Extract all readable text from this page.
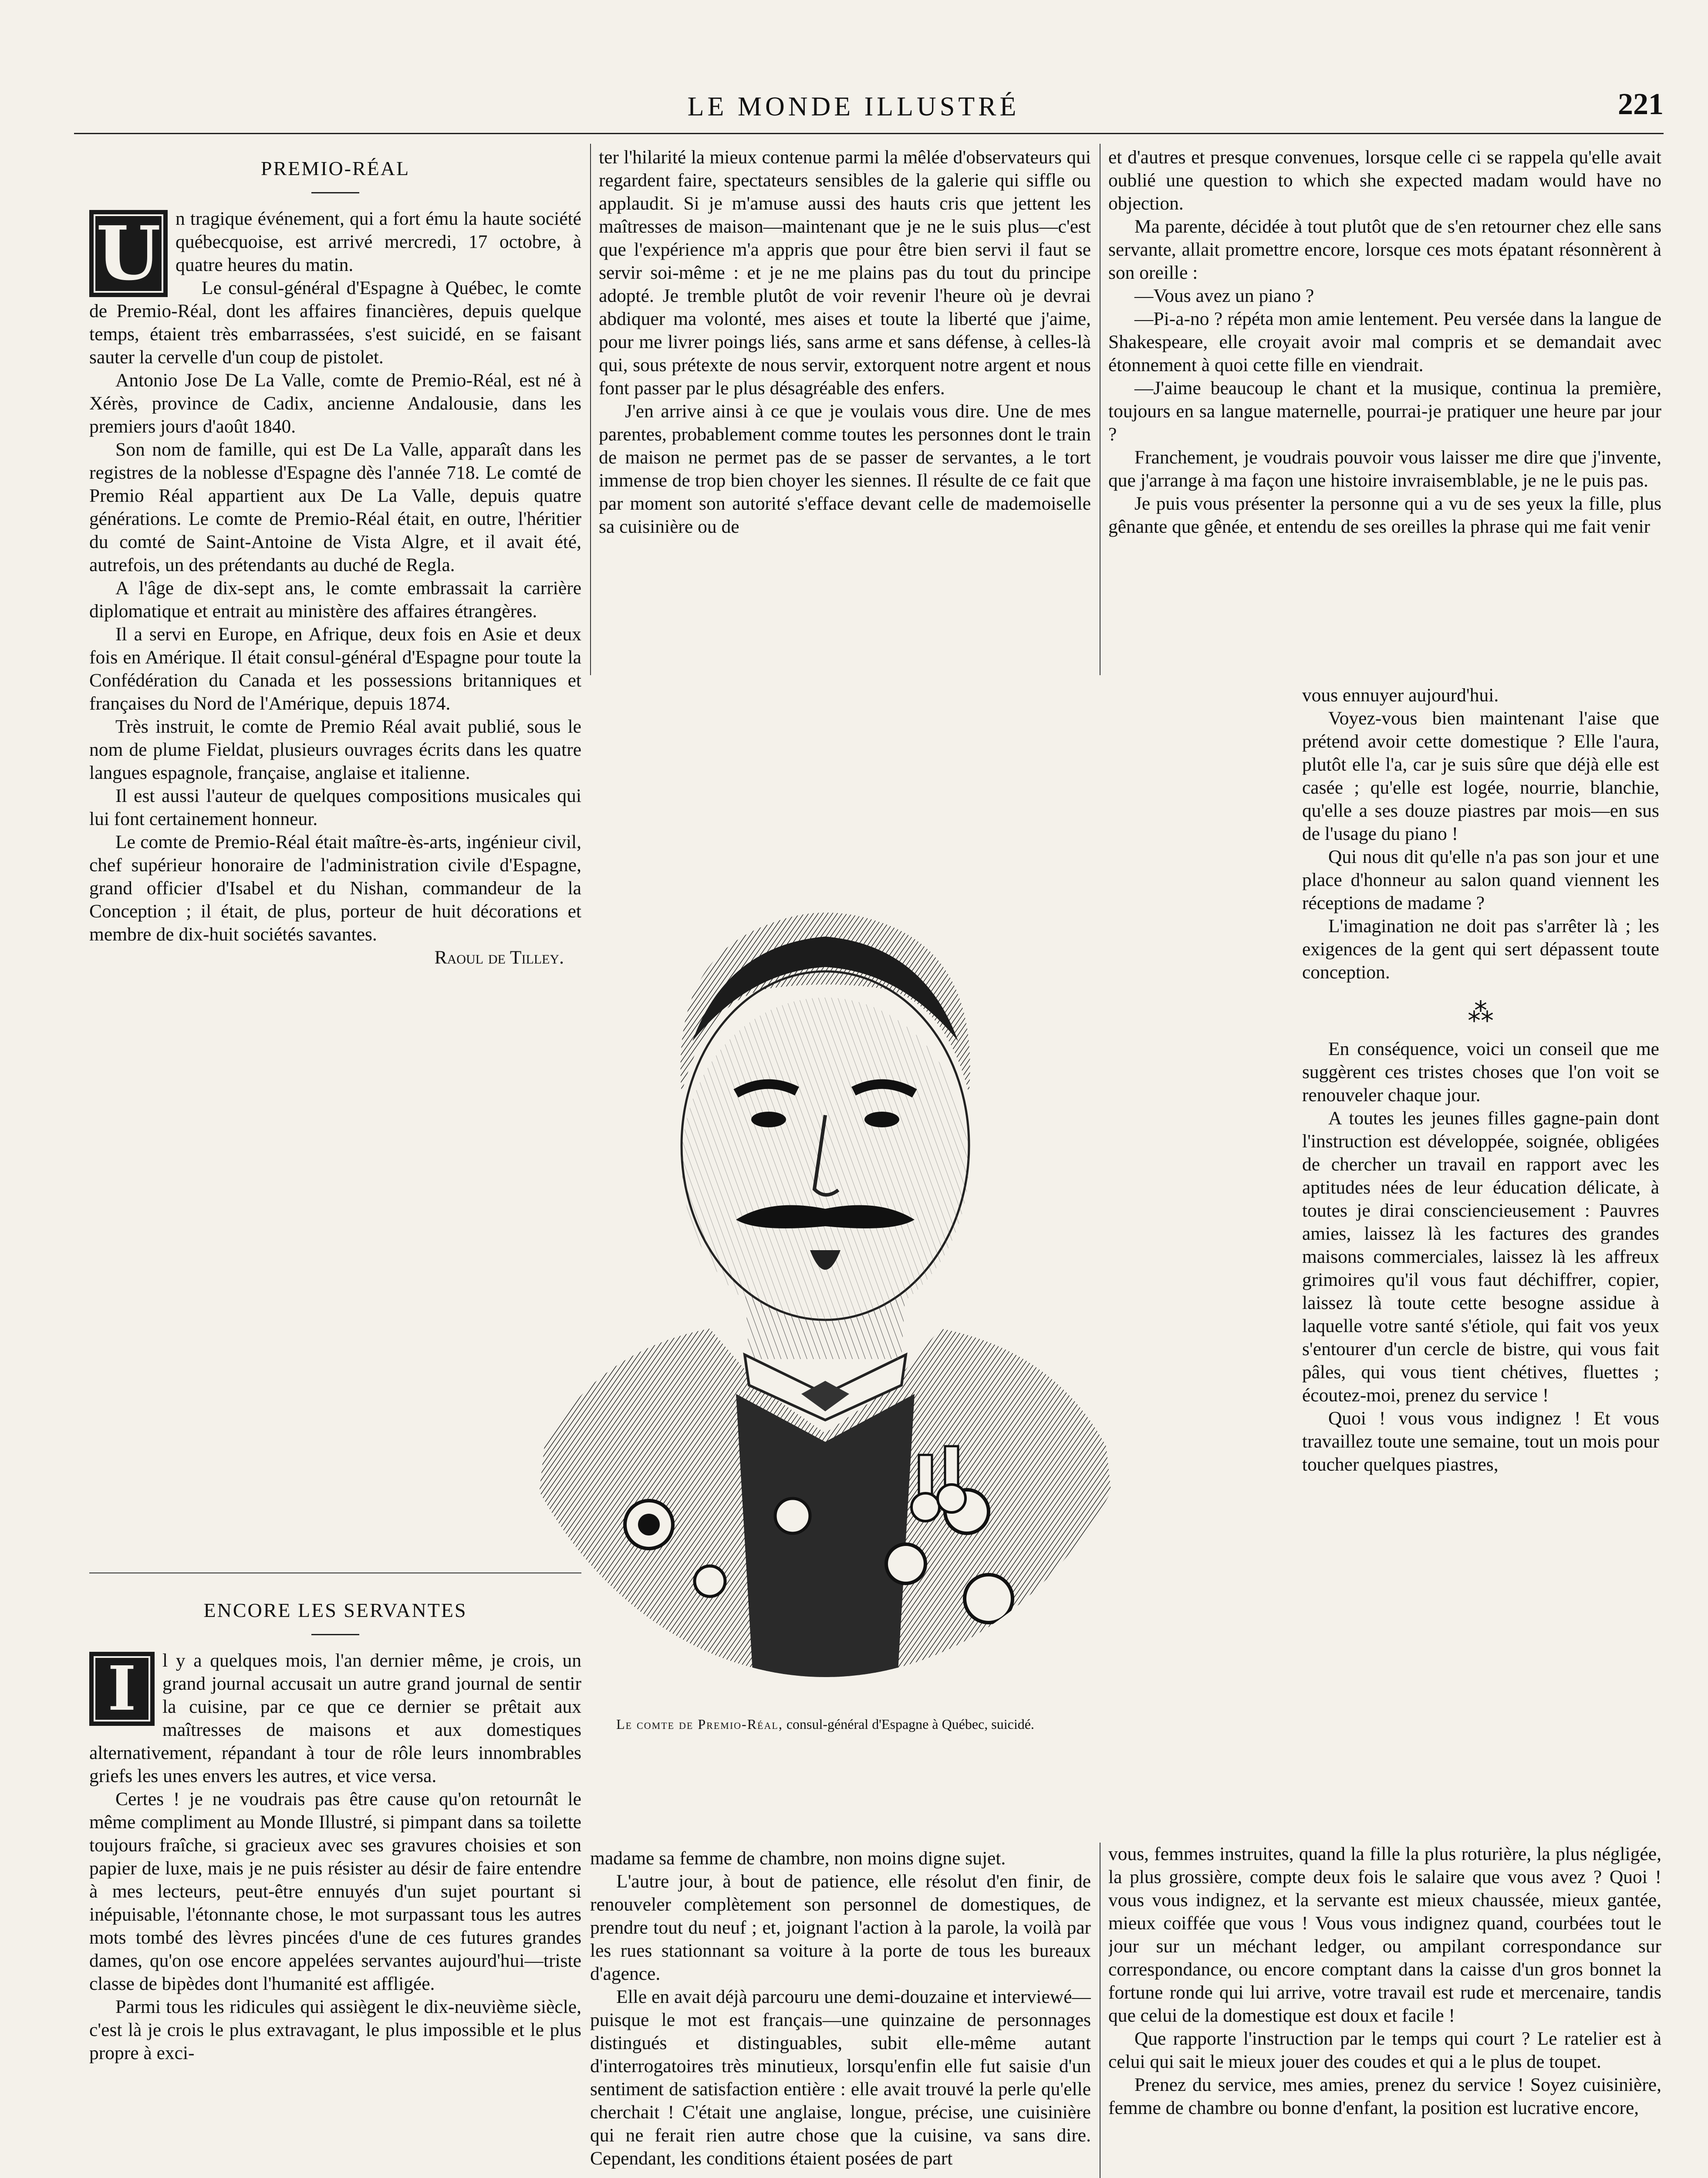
LE MONDE ILLUSTRÉ	221
PREMIO-RÉAL
U n tragique événement, qui a fort ému la haute société québecquoise, est arrivé mercredi, 17 octobre, à quatre heures du matin.

Le consul-général d'Espagne à Québec, le comte de Premio-Réal, dont les affaires financières, depuis quelque temps, étaient très embarrassées, s'est suicidé, en se faisant sauter la cervelle d'un coup de pistolet.

Antonio Jose De La Valle, comte de Premio-Réal, est né à Xérès, province de Cadix, ancienne Andalousie, dans les premiers jours d'août 1840.

Son nom de famille, qui est De La Valle, apparaît dans les registres de la noblesse d'Espagne dès l'année 718. Le comté de Premio Réal appartient aux De La Valle, depuis quatre générations. Le comte de Premio-Réal était, en outre, l'héritier du comté de Saint-Antoine de Vista Algre, et il avait été, autrefois, un des prétendants au duché de Regla.

A l'âge de dix-sept ans, le comte embrassait la carrière diplomatique et entrait au ministère des affaires étrangères.

Il a servi en Europe, en Afrique, deux fois en Asie et deux fois en Amérique. Il était consul-général d'Espagne pour toute la Confédération du Canada et les possessions britanniques et françaises du Nord de l'Amérique, depuis 1874.

Très instruit, le comte de Premio Réal avait publié, sous le nom de plume Fieldat, plusieurs ouvrages écrits dans les quatre langues espagnole, française, anglaise et italienne.

Il est aussi l'auteur de quelques compositions musicales qui lui font certainement honneur.

Le comte de Premio-Réal était maître-ès-arts, ingénieur civil, chef supérieur honoraire de l'administration civile d'Espagne, grand officier d'Isabel et du Nishan, commandeur de la Conception ; il était, de plus, porteur de huit décorations et membre de dix-huit sociétés savantes.

Raoul de Tilley.
ENCORE LES SERVANTES
I	l y a quelques mois, l'an dernier même, je crois, un grand journal accusait un autre grand journal de sentir la cuisine, par ce que ce dernier se prêtait aux maîtresses de maisons et aux domestiques alternativement, répandant à tour de rôle leurs innombrables griefs les unes envers les autres, et vice versa.

Certes ! je ne voudrais pas être cause qu'on retournât le même compliment au Monde Illustré, si pimpant dans sa toilette toujours fraîche, si gracieux avec ses gravures choisies et son papier de luxe, mais je ne puis résister au désir de faire entendre à mes lecteurs, peut-être ennuyés d'un sujet pourtant si inépuisable, l'étonnante chose, le mot surpassant tous les autres mots tombé des lèvres pincées d'une de ces futures grandes dames, qu'on ose encore appelées servantes aujourd'hui—triste classe de bipèdes dont l'humanité est affligée.

Parmi tous les ridicules qui assiègent le dix-neuvième siècle, c'est là je crois le plus extravagant, le plus impossible et le plus propre à exci-

ter l'hilarité la mieux contenue parmi la mêlée d'observateurs qui regardent faire, spectateurs sensibles de la galerie qui siffle ou applaudit. Si je m'amuse aussi des hauts cris que jettent les maîtresses de maison—maintenant que je ne le suis plus—c'est que l'expérience m'a appris que pour être bien servi il faut se servir soi-même : et je ne me plains pas du tout du principe adopté. Je tremble plutôt de voir revenir l'heure où je devrai abdiquer ma volonté, mes aises et toute la liberté que j'aime, pour me livrer poings liés, sans arme et sans défense, à celles-là qui, sous prétexte de nous servir, extorquent notre argent et nous font passer par le plus désagréable des enfers.

J'en arrive ainsi à ce que je voulais vous dire. Une de mes parentes, probablement comme toutes les personnes dont le train de maison ne permet pas de se passer de servantes, a le tort immense de trop bien choyer les siennes. Il résulte de ce fait que par moment son autorité s'efface devant celle de mademoiselle sa cuisinière ou de

et d'autres et presque convenues, lorsque celle ci se rappela qu'elle avait oublié une question to which she expected madam would have no objection.

Ma parente, décidée à tout plutôt que de s'en retourner chez elle sans servante, allait promettre encore, lorsque ces mots épatant résonnèrent à son oreille :

—Vous avez un piano ?

—Pi-a-no ? répéta mon amie lentement. Peu versée dans la langue de Shakespeare, elle croyait avoir mal compris et se demandait avec étonnement à quoi cette fille en viendrait.

—J'aime beaucoup le chant et la musique, continua la première, toujours en sa langue maternelle, pourrai-je pratiquer une heure par jour ?

Franchement, je voudrais pouvoir vous laisser me dire que j'invente, que j'arrange à ma façon une histoire invraisemblable, je ne le puis pas.

Je puis vous présenter la personne qui a vu de ses yeux la fille, plus gênante que gênée, et entendu de ses oreilles la phrase qui me fait venir

vous ennuyer aujourd'hui.

Voyez-vous bien maintenant l'aise que prétend avoir cette domestique ? Elle l'aura, plutôt elle l'a, car je suis sûre que déjà elle est casée ; qu'elle est logée, nourrie, blanchie, qu'elle a ses douze piastres par mois—en sus de l'usage du piano !

Qui nous dit qu'elle n'a pas son jour et une place d'honneur au salon quand viennent les réceptions de madame ?

L'imagination ne doit pas s'arrêter là ; les exigences de la gent qui sert dépassent toute conception.

⁂

En conséquence, voici un conseil que me suggèrent ces tristes choses que l'on voit se renouveler chaque jour.

A toutes les jeunes filles gagne-pain dont l'instruction est développée, soignée, obligées de chercher un travail en rapport avec les aptitudes nées de leur éducation délicate, à toutes je dirai consciencieusement : Pauvres amies, laissez là les factures des grandes maisons commerciales, laissez là les affreux grimoires qu'il vous faut déchiffrer, copier, laissez là toute cette besogne assidue à laquelle votre santé s'étiole, qui fait vos yeux s'entourer d'un cercle de bistre, qui vous fait pâles, qui vous tient chétives, fluettes ; écoutez-moi, prenez du service !

Quoi ! vous vous indignez ! Et vous travaillez toute une semaine, tout un mois pour toucher quelques piastres,

Le comte de Premio-Réal, consul-général d'Espagne à Québec, suicidé.

madame sa femme de chambre, non moins digne sujet.

L'autre jour, à bout de patience, elle résolut d'en finir, de renouveler complètement son personnel de domestiques, de prendre tout du neuf ; et, joignant l'action à la parole, la voilà par les rues stationnant sa voiture à la porte de tous les bureaux d'agence.

Elle en avait déjà parcouru une demi-douzaine et interviewé—puisque le mot est français—une quinzaine de personnages distingués et distinguables, subit elle-même autant d'interrogatoires très minutieux, lorsqu'enfin elle fut saisie d'un sentiment de satisfaction entière : elle avait trouvé la perle qu'elle cherchait ! C'était une anglaise, longue, précise, une cuisinière qui ne ferait rien autre chose que la cuisine, va sans dire. Cependant, les conditions étaient posées de part

vous, femmes instruites, quand la fille la plus roturière, la plus négligée, la plus grossière, compte deux fois le salaire que vous avez ? Quoi ! vous vous indignez, et la servante est mieux chaussée, mieux gantée, mieux coiffée que vous ! Vous vous indignez quand, courbées tout le jour sur un méchant ledger, ou ampilant correspondance sur correspondance, ou encore comptant dans la caisse d'un gros bonnet la fortune ronde qui lui arrive, votre travail est rude et mercenaire, tandis que celui de la domestique est doux et facile !

Que rapporte l'instruction par le temps qui court ? Le ratelier est à celui qui sait le mieux jouer des coudes et qui a le plus de toupet.

Prenez du service, mes amies, prenez du service ! Soyez cuisinière, femme de chambre ou bonne d'enfant, la position est lucrative encore,
